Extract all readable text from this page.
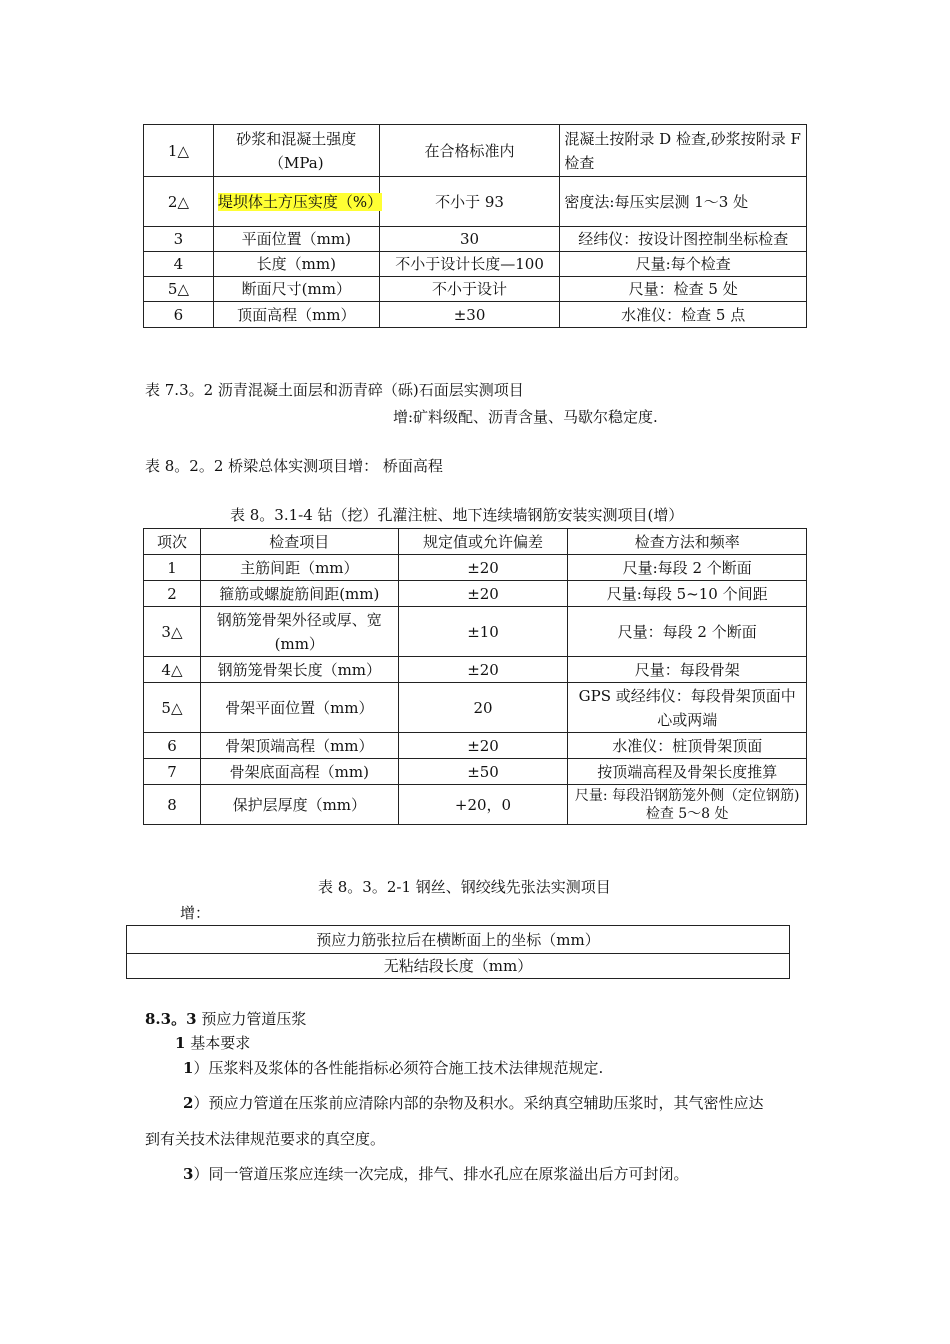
1△	砂浆和混凝土强度（MPa)	在合格标准内	混凝土按附录 D 检查,砂浆按附录 F 检查
2△	堤坝体土方压实度（%）	不小于 93	密度法:每压实层测 1～3 处
3	平面位置（mm)	30	经纬仪：按设计图控制坐标检查
4	长度（mm)	不小于设计长度—100	尺量:每个检查
5△	断面尺寸(mm）	不小于设计	尺量：检查 5 处
6	顶面高程（mm）	±30	水准仪：检查 5 点
表 7.3。2 沥青混凝土面层和沥青碎（砾)石面层实测项目
增:矿料级配、沥青含量、马歇尔稳定度.
表 8。2。2 桥梁总体实测项目增： 桥面高程
表 8。3.1-4 钻（挖）孔灌注桩、地下连续墙钢筋安装实测项目(增）
项次	检查项目	规定值或允许偏差	检查方法和频率
1	主筋间距（mm）	±20	尺量:每段 2 个断面
2	箍筋或螺旋筋间距(mm)	±20	尺量:每段 5~10 个间距
3△	钢筋笼骨架外径或厚、宽(mm）	±10	尺量：每段 2 个断面
4△	钢筋笼骨架长度（mm）	±20	尺量：每段骨架
5△	骨架平面位置（mm）	20	GPS 或经纬仪：每段骨架顶面中心或两端
6	骨架顶端高程（mm）	±20	水准仪：桩顶骨架顶面
7	骨架底面高程（mm)	±50	按顶端高程及骨架长度推算
8	保护层厚度（mm）	+20，0	尺量: 每段沿钢筋笼外侧（定位钢筋)检查 5～8 处
表 8。3。2-1 钢丝、钢绞线先张法实测项目
增：
预应力筋张拉后在横断面上的坐标（mm）
无粘结段长度（mm）
8.3。3 预应力管道压浆
1 基本要求
1）压浆料及浆体的各性能指标必须符合施工技术法律规范规定.
2）预应力管道在压浆前应清除内部的杂物及积水。采纳真空辅助压浆时，其气密性应达
到有关技术法律规范要求的真空度。
3）同一管道压浆应连续一次完成，排气、排水孔应在原浆溢出后方可封闭。
